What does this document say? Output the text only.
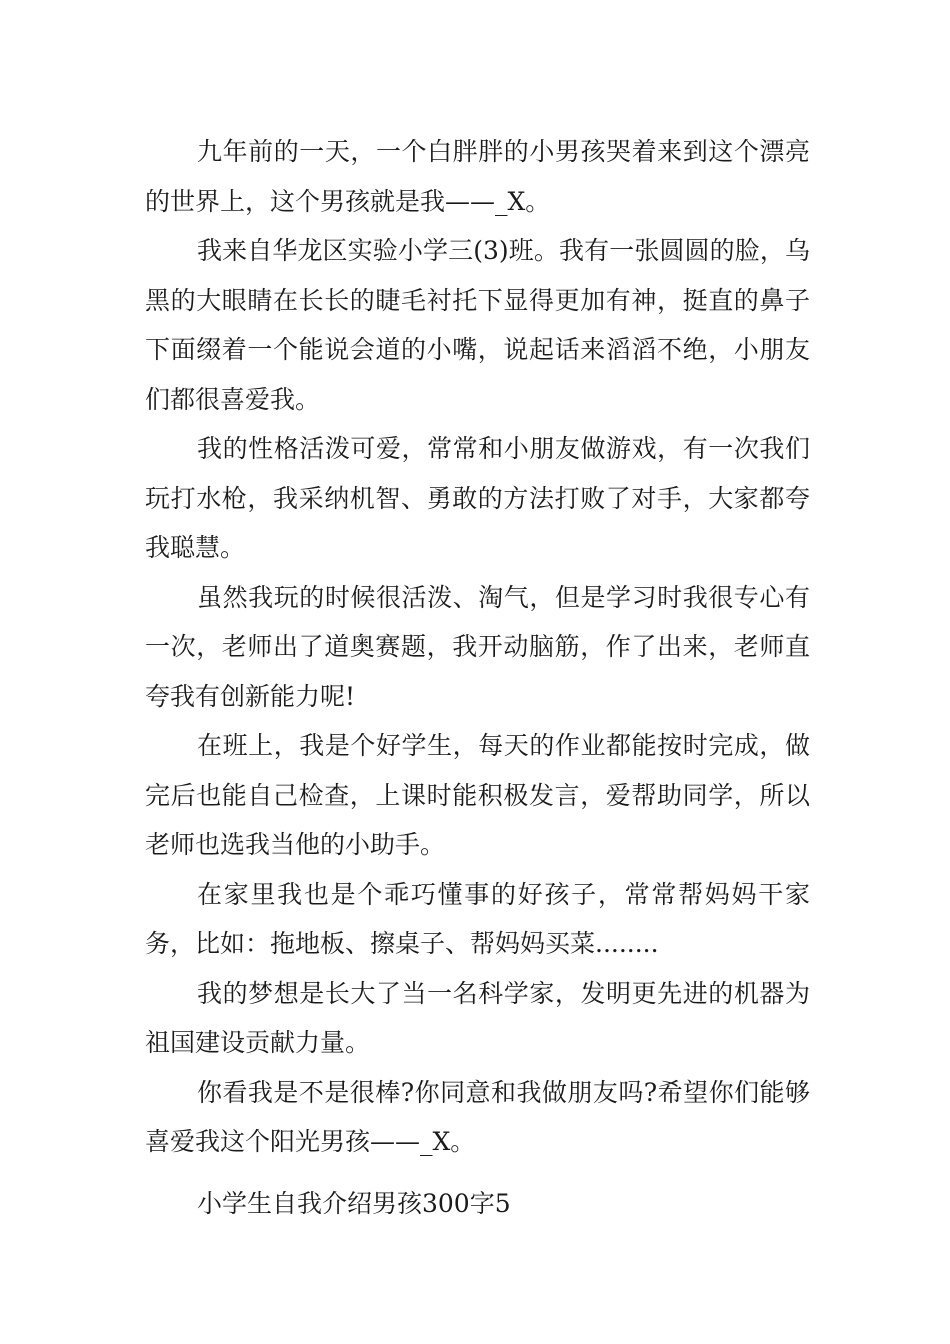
九年前的一天，一个白胖胖的小男孩哭着来到这个漂亮的世界上，这个男孩就是我——_X。

我来自华龙区实验小学三(3)班。我有一张圆圆的脸，乌黑的大眼睛在长长的睫毛衬托下显得更加有神，挺直的鼻子下面缀着一个能说会道的小嘴，说起话来滔滔不绝，小朋友们都很喜爱我。

我的性格活泼可爱，常常和小朋友做游戏，有一次我们玩打水枪，我采纳机智、勇敢的方法打败了对手，大家都夸我聪慧。

虽然我玩的时候很活泼、淘气，但是学习时我很专心有一次，老师出了道奥赛题，我开动脑筋，作了出来，老师直夸我有创新能力呢!

在班上，我是个好学生，每天的作业都能按时完成，做完后也能自己检查，上课时能积极发言，爱帮助同学，所以老师也选我当他的小助手。

在家里我也是个乖巧懂事的好孩子，常常帮妈妈干家务，比如：拖地板、擦桌子、帮妈妈买菜........

我的梦想是长大了当一名科学家，发明更先进的机器为祖国建设贡献力量。

你看我是不是很棒?你同意和我做朋友吗?希望你们能够喜爱我这个阳光男孩——_X。

小学生自我介绍男孩300字5
